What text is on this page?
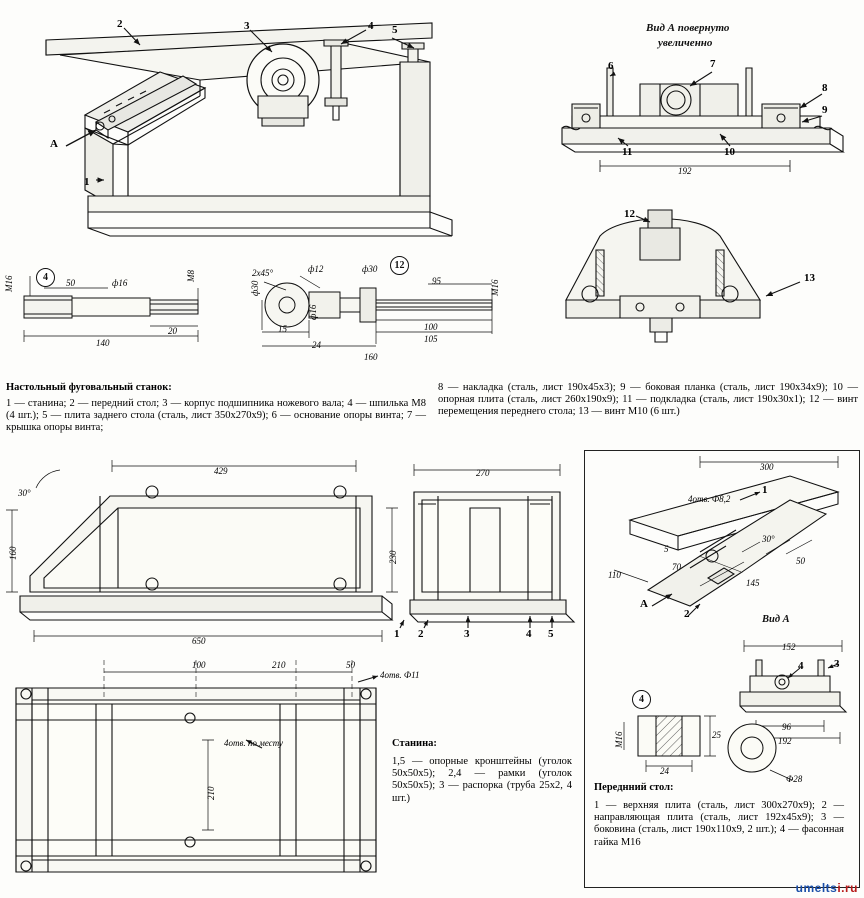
2	3	4 5
1
A
Вид А повернуто
увеличенно
6	7
8
9
11	10
192
12
13
4
М16	50	ф16
М8
140
20
12
2х45°	ф12	ф30
ф30
ф16
15
24
160
105
100
95	М16
Настольный фуговальный станок:
1 — станина; 2 — передний стол; 3 — корпус подшипника ножевого вала; 4 — шпилька М8 (4 шт.); 5 — плита заднего стола (сталь, лист 350х270х9); 6 — основание опоры винта; 7 — крышка опоры винта;
8 — накладка (сталь, лист 190х45х3); 9 — боковая планка (сталь, лист 190х34х9); 10 — опорная плита (сталь, лист 260х190х9); 11 — подкладка (сталь, лист 190х30х1); 12 — винт перемещения переднего стола; 13 — винт М10 (6 шт.)
429
30°
160
650
230
270
1 2	3	4 5
100	210	50
210
4отв. Ф11
4отв. по месту	Станина:
1,5 — опорные кронштейны (уголок 50х50х5); 2,4 — рамки (уголок 50х50х5); 3 — распорка (труба 25х2, 4 шт.)
300
4отв. Ф8,2
30°
110
70
5
145
50
152
96
192
М16
24
25
Ф28
1
2
3
4
A
Вид А
4
Переднний стол:
1 — верхняя плита (сталь, лист 300х270х9); 2 — направляющая плита (сталь, лист 192х45х9); 3 — боковина (сталь, лист 190х110х9, 2 шт.); 4 — фасонная гайка М16
umeltsi.ru
